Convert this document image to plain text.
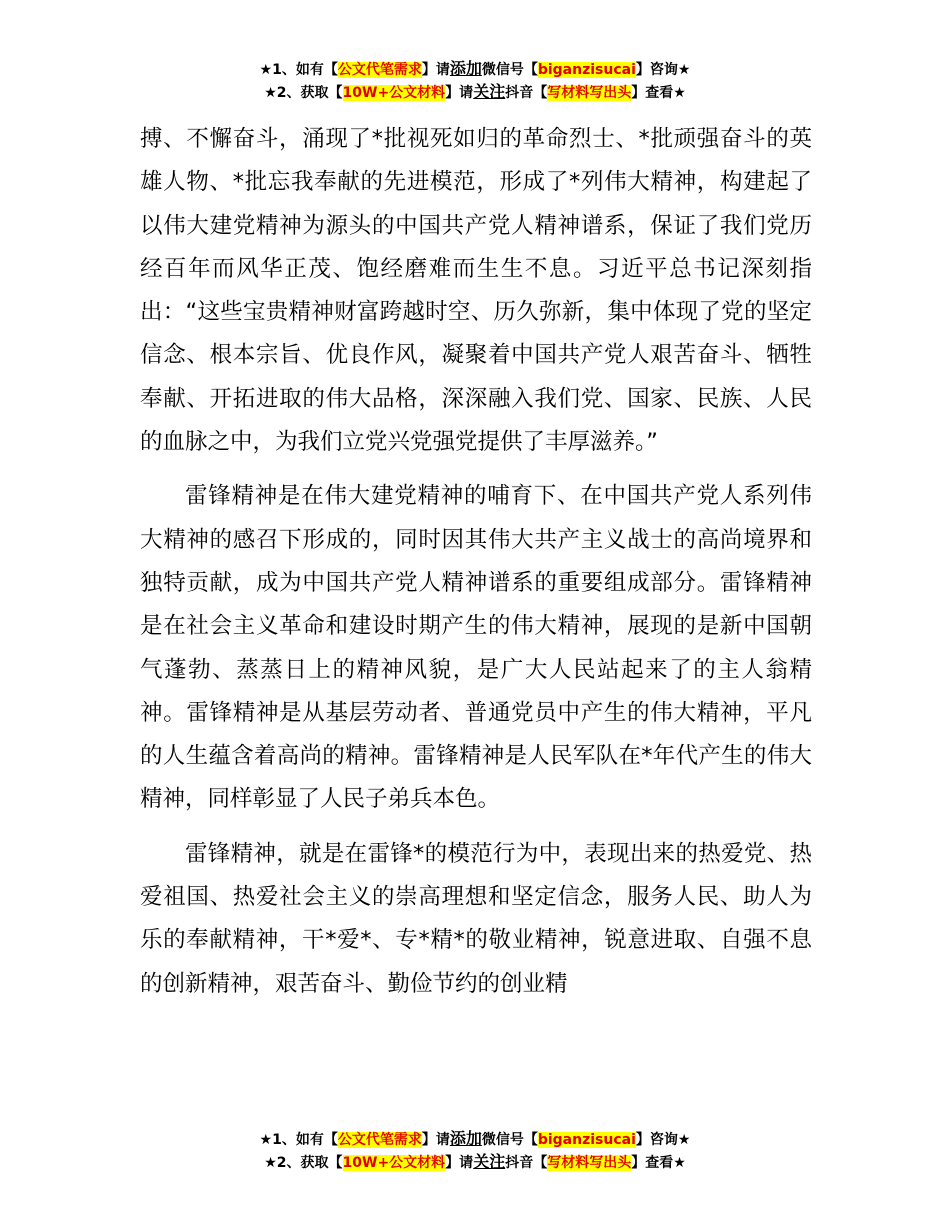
★1、如有【公文代笔需求】请添加微信号【biganzisucai】咨询★
★2、获取【10W+公文材料】请关注抖音【写材料写出头】查看★

搏、不懈奋斗，涌现了*批视死如归的革命烈士、*批顽强奋斗的英雄人物、*批忘我奉献的先进模范，形成了*列伟大精神，构建起了以伟大建党精神为源头的中国共产党人精神谱系，保证了我们党历经百年而风华正茂、饱经磨难而生生不息。习近平总书记深刻指出：“这些宝贵精神财富跨越时空、历久弥新，集中体现了党的坚定信念、根本宗旨、优良作风，凝聚着中国共产党人艰苦奋斗、牺牲奉献、开拓进取的伟大品格，深深融入我们党、国家、民族、人民的血脉之中，为我们立党兴党强党提供了丰厚滋养。”

雷锋精神是在伟大建党精神的哺育下、在中国共产党人系列伟大精神的感召下形成的，同时因其伟大共产主义战士的高尚境界和独特贡献，成为中国共产党人精神谱系的重要组成部分。雷锋精神是在社会主义革命和建设时期产生的伟大精神，展现的是新中国朝气蓬勃、蒸蒸日上的精神风貌，是广大人民站起来了的主人翁精神。雷锋精神是从基层劳动者、普通党员中产生的伟大精神，平凡的人生蕴含着高尚的精神。雷锋精神是人民军队在*年代产生的伟大精神，同样彰显了人民子弟兵本色。

雷锋精神，就是在雷锋*的模范行为中，表现出来的热爱党、热爱祖国、热爱社会主义的崇高理想和坚定信念，服务人民、助人为乐的奉献精神，干*爱*、专*精*的敬业精神，锐意进取、自强不息的创新精神，艰苦奋斗、勤俭节约的创业精

★1、如有【公文代笔需求】请添加微信号【biganzisucai】咨询★
★2、获取【10W+公文材料】请关注抖音【写材料写出头】查看★
